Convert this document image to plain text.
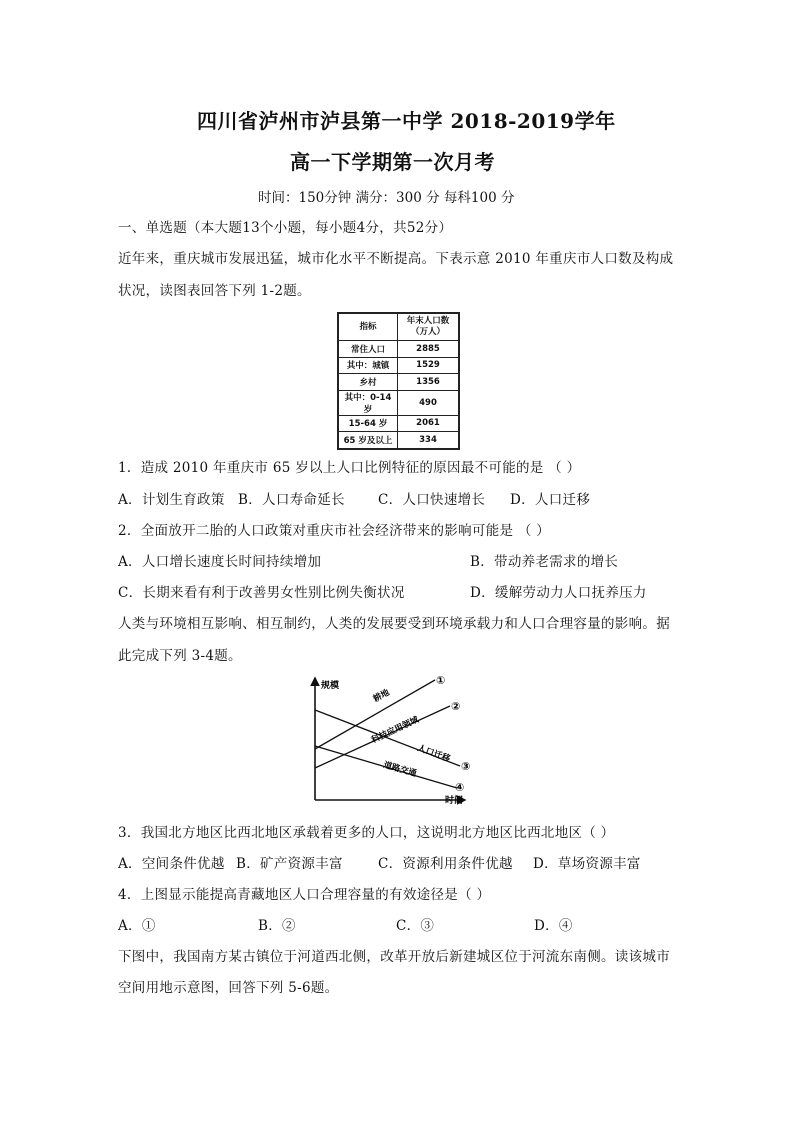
四川省泸州市泸县第一中学 2018-2019学年
高一下学期第一次月考
时间：150分钟 满分：300 分 每科100 分
一、单选题（本大题13个小题，每小题4分，共52分）
近年来，重庆城市发展迅猛，城市化水平不断提高。下表示意 2010 年重庆市人口数及构成
状况，读图表回答下列 1-2题。
指标	年末人口数
（万人）

常住人口	2885
其中：城镇	1529
乡村	1356
其中：0-14 岁	490
15-64 岁	2061
65 岁及以上	334
1．造成 2010 年重庆市 65 岁以上人口比例特征的原因最不可能的是 （ ）
A．计划生育政策 B．人口寿命延长 C．人口快速增长 D．人口迁移
2．全面放开二胎的人口政策对重庆市社会经济带来的影响可能是 （ ）
A．人口增长速度长时间持续增加	B．带动养老需求的增长
C．长期来看有利于改善男女性别比例失衡状况	D．缓解劳动力人口抚养压力
人类与环境相互影响、相互制约，人类的发展要受到环境承载力和人口合理容量的影响。据
此完成下列 3-4题。
规模
时间
耕地
科技应用领域
人口迁移
道路交通
①
②
③
④
3．我国北方地区比西北地区承载着更多的人口，这说明北方地区比西北地区（ ）
A．空间条件优越 B．矿产资源丰富	C．资源利用条件优越 D．草场资源丰富
4．上图显示能提高青藏地区人口合理容量的有效途径是（ ）
A．①	B．②	C．③	D．④
下图中，我国南方某古镇位于河道西北侧，改革开放后新建城区位于河流东南侧。读该城市
空间用地示意图，回答下列 5-6题。
